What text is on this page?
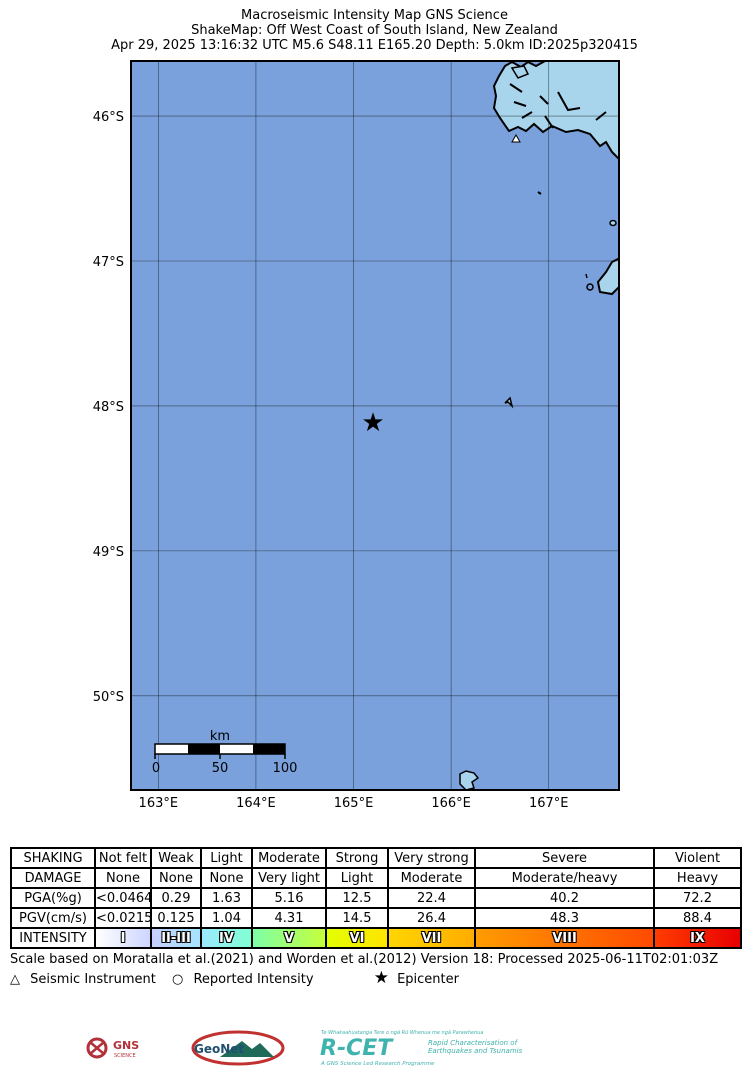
Macroseismic Intensity Map GNS Science
ShakeMap: Off West Coast of South Island, New Zealand
Apr 29, 2025 13:16:32 UTC M5.6 S48.11 E165.20 Depth: 5.0km ID:2025p320415
163°E	164°E	165°E	166°E	167°E
46°S
47°S
48°S
49°S
50°S
★
km
0	50	100
SHAKING	Not felt	Weak	Light	Moderate	Strong	Very strong	Severe	Violent	
DAMAGE	None	None	None	Very light	Light	Moderate	Moderate/heavy	Heavy	
PGA(%g)	<0.0464	0.29	1.63	5.16	12.5	22.4	40.2	72.2	
PGV(cm/s)	<0.0215	0.125	1.04	4.31	14.5	26.4	48.3	88.4	
INTENSITY	I	II-III	IV	V	VI	VII	VIII	IX	
Scale based on Moratalla et al.(2021) and Worden et al.(2012) Version 18: Processed 2025-06-11T02:01:03Z
△ Seismic Instrument ○ Reported Intensity	★ Epicenter
GNS
SCIENCE	GeoNet
Te Whakaahuatanga Tere o ngā Rū Whenua me ngā Parawhenua
R-CET	Rapid Characterisation of
Earthquakes and Tsunamis
A GNS Science Led Research Programme
